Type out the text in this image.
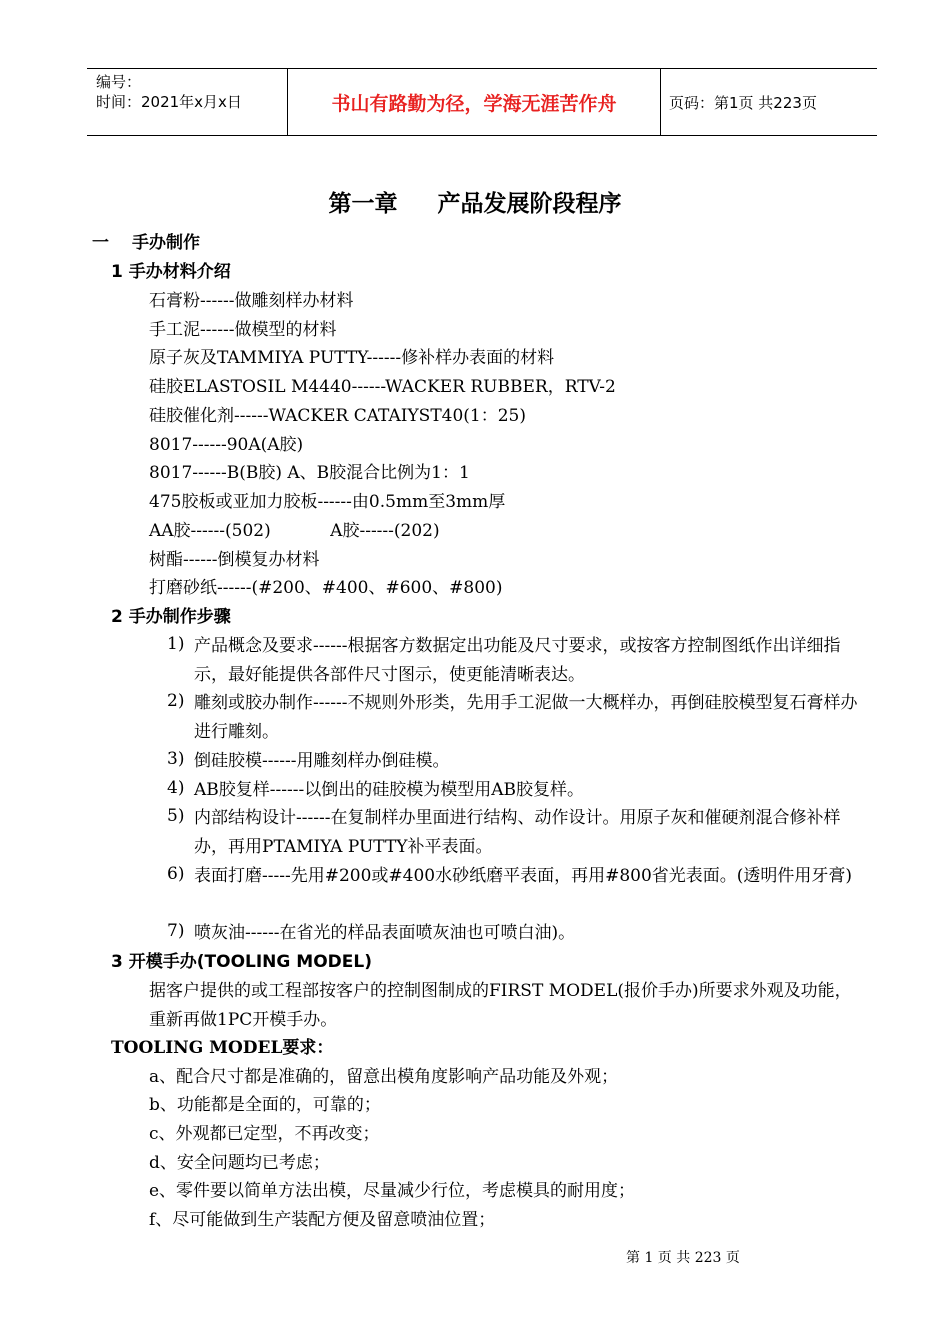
编号：
时间：2021年x月x日	书山有路勤为径，学海无涯苦作舟	页码：第1页 共223页
第一章 产品发展阶段程序
一 手办制作
1 手办材料介绍
石膏粉------做雕刻样办材料
手工泥------做模型的材料
原子灰及TAMMIYA PUTTY------修补样办表面的材料
硅胶ELASTOSIL M4440------WACKER RUBBER，RTV-2
硅胶催化剂------WACKER CATAIYST40(1：25)
8017------90A(A胶)
8017------B(B胶) A、B胶混合比例为1：1
475胶板或亚加力胶板------由0.5mm至3mm厚
AA胶------(502)           A胶------(202)
树酯------倒模复办材料
打磨砂纸------(#200、#400、#600、#800)
2 手办制作步骤
1) 产品概念及要求------根据客方数据定出功能及尺寸要求，或按客方控制图纸作出详细指示，最好能提供各部件尺寸图示，使更能清晰表达。
2) 雕刻或胶办制作------不规则外形类，先用手工泥做一大概样办，再倒硅胶模型复石膏样办进行雕刻。
3) 倒硅胶模------用雕刻样办倒硅模。
4) AB胶复样------以倒出的硅胶模为模型用AB胶复样。
5) 内部结构设计------在复制样办里面进行结构、动作设计。用原子灰和催硬剂混合修补样办，再用PTAMIYA PUTTY补平表面。
6) 表面打磨-----先用#200或#400水砂纸磨平表面，再用#800省光表面。(透明件用牙膏)
7) 喷灰油------在省光的样品表面喷灰油也可喷白油)。
3 开模手办(TOOLING MODEL)
据客户提供的或工程部按客户的控制图制成的FIRST MODEL(报价手办)所要求外观及功能，重新再做1PC开模手办。
TOOLING MODEL要求：
a、配合尺寸都是准确的，留意出模角度影响产品功能及外观；
b、功能都是全面的，可靠的；
c、外观都已定型，不再改变；
d、安全问题均已考虑；
e、零件要以简单方法出模，尽量减少行位，考虑模具的耐用度；
f、尽可能做到生产装配方便及留意喷油位置；
第 1 页 共 223 页
